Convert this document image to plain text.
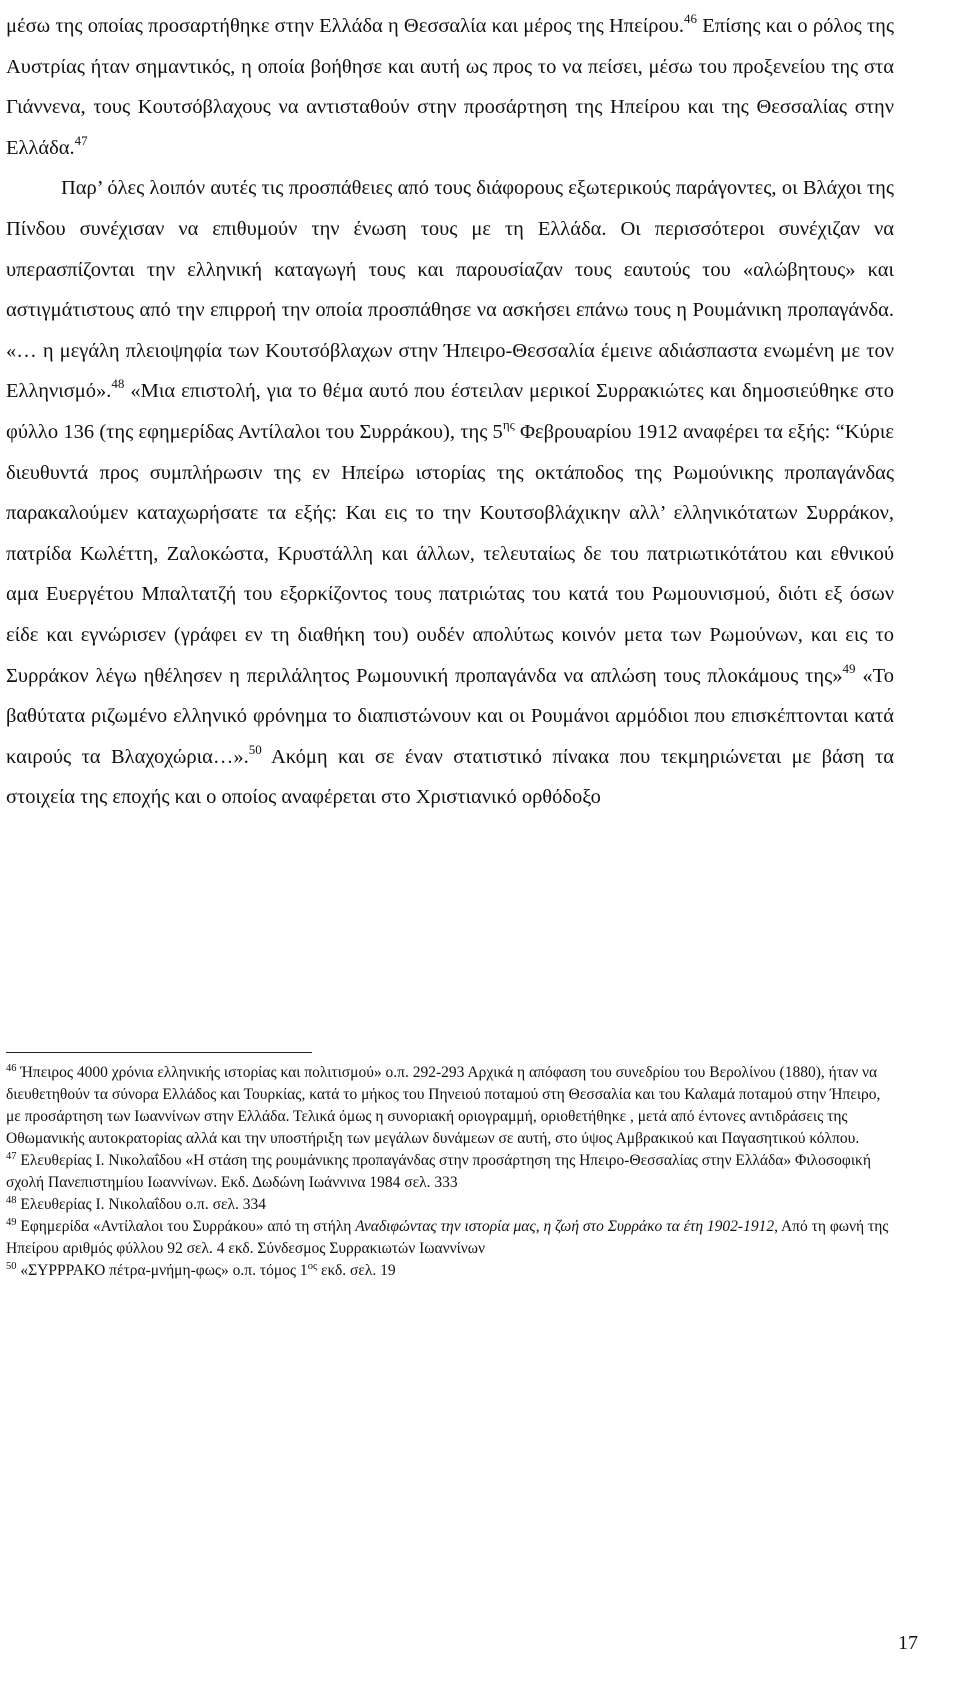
μέσω της οποίας προσαρτήθηκε στην Ελλάδα η Θεσσαλία και μέρος της Ηπείρου.$^{46}$ Επίσης και ο ρόλος της Αυστρίας ήταν σημαντικός, η οποία βοήθησε και αυτή ως προς το να πείσει, μέσω του προξενείου της στα Γιάννενα, τους Κουτσόβλαχους να αντισταθούν στην προσάρτηση της Ηπείρου και της Θεσσαλίας στην Ελλάδα.$^{47}$

Παρ’ όλες λοιπόν αυτές τις προσπάθειες από τους διάφορους εξωτερικούς παράγοντες, οι Βλάχοι της Πίνδου συνέχισαν να επιθυμούν την ένωση τους με τη Ελλάδα. Οι περισσότεροι συνέχιζαν να υπερασπίζονται την ελληνική καταγωγή τους και παρουσίαζαν τους εαυτούς του «αλώβητους» και αστιγμάτιστους από την επιρροή την οποία προσπάθησε να ασκήσει επάνω τους η Ρουμάνικη προπαγάνδα. «… η μεγάλη πλειοψηφία των Κουτσόβλαχων στην Ήπειρο-Θεσσαλία έμεινε αδιάσπαστα ενωμένη με τον Ελληνισμό».$^{48}$ «Μια επιστολή, για το θέμα αυτό που έστειλαν μερικοί Συρρακιώτες και δημοσιεύθηκε στο φύλλο 136 (της εφημερίδας Αντίλαλοι του Συρράκου), της $5^{\eta\varsigma}$ Φεβρουαρίου 1912 αναφέρει τα εξής: “Κύριε διευθυντά προς συμπλήρωσιν της εν Ηπείρω ιστορίας της οκτάποδος της Ρωμούνικης προπαγάνδας παρακαλούμεν καταχωρήσατε τα εξής: Και εις το την Κουτσοβλάχικην αλλ’ ελληνικότατων Συρράκον, πατρίδα Κωλέττη, Ζαλοκώστα, Κρυστάλλη και άλλων, τελευταίως δε του πατριωτικότάτου και εθνικού αμα Ευεργέτου Μπαλτατζή του εξορκίζοντος τους πατριώτας του κατά του Ρωμουνισμού, διότι εξ όσων είδε και εγνώρισεν (γράφει εν τη διαθήκη του) ουδέν απολύτως κοινόν μετα των Ρωμούνων, και εις το Συρράκον λέγω ηθέλησεν η περιλάλητος Ρωμουνική προπαγάνδα να απλώση τους πλοκάμους της»$^{49}$ «Το βαθύτατα ριζωμένο ελληνικό φρόνημα το διαπιστώνουν και οι Ρουμάνοι αρμόδιοι που επισκέπτονται κατά καιρούς τα Βλαχοχώρια…».$^{50}$ Ακόμη και σε έναν στατιστικό πίνακα που τεκμηριώνεται με βάση τα στοιχεία της εποχής και ο οποίος αναφέρεται στο Χριστιανικό ορθόδοξο

$^{46}$ Ήπειρος 4000 χρόνια ελληνικής ιστορίας και πολιτισμού» ο.π. 292-293 Αρχικά η απόφαση του συνεδρίου του Βερολίνου (1880), ήταν να διευθετηθούν τα σύνορα Ελλάδος και Τουρκίας, κατά το μήκος του Πηνειού ποταμού στη Θεσσαλία και του Καλαμά ποταμού στην Ήπειρο, με προσάρτηση των Ιωαννίνων στην Ελλάδα. Τελικά όμως η συνοριακή οριογραμμή, οριοθετήθηκε , μετά από έντονες αντιδράσεις της Οθωμανικής αυτοκρατορίας αλλά και την υποστήριξη των μεγάλων δυνάμεων σε αυτή, στο ύψος Αμβρακικού και Παγασητικού κόλπου.

$^{47}$ Ελευθερίας Ι. Νικολαΐδου «Η στάση της ρουμάνικης προπαγάνδας στην προσάρτηση της Ηπειρο-Θεσσαλίας στην Ελλάδα» Φιλοσοφική σχολή Πανεπιστημίου Ιωαννίνων. Εκδ. Δωδώνη Ιωάννινα 1984 σελ. 333

$^{48}$ Ελευθερίας Ι. Νικολαΐδου ο.π. σελ. 334

$^{49}$ Εφημερίδα «Αντίλαλοι του Συρράκου» από τη στήλη Αναδιφώντας την ιστορία μας, η ζωή στο Συρράκο τα έτη 1902-1912, Από τη φωνή της Ηπείρου αριθμός φύλλου 92 σελ. 4 εκδ. Σύνδεσμος Συρρακιωτών Ιωαννίνων

$^{50}$ «ΣΥΡΡΡΑΚΟ πέτρα-μνήμη-φως» ο.π. τόμος $1^{o\varsigma}$ εκδ. σελ. 19

17
